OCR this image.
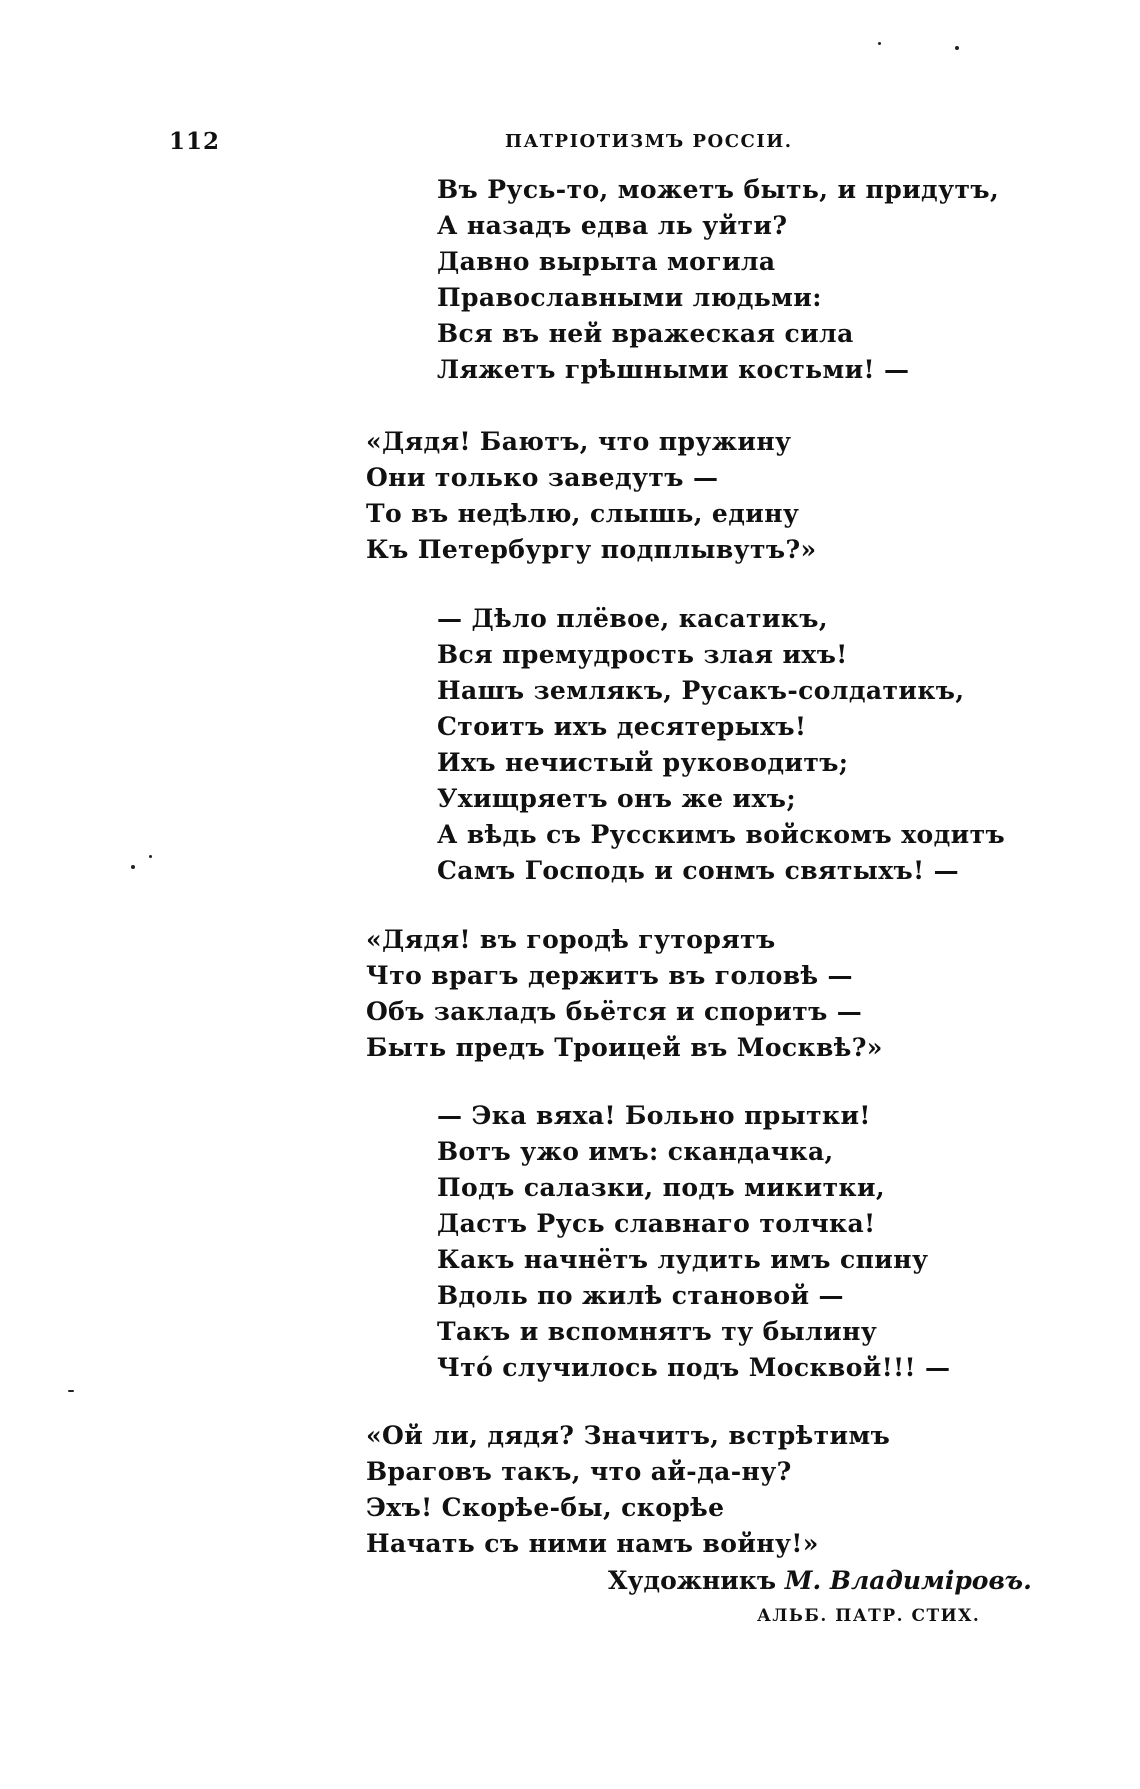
112	ПАТРІОТИЗМЪ РОССІИ.
Въ Русь-то, можетъ быть, и придутъ,
А назадъ едва ль уйти?
Давно вырыта могила
Православными людьми:
Вся въ ней вражеская сила
Ляжетъ грѣшными костьми! —
«Дядя! Баютъ, что пружину
Они только заведутъ —
То въ недѣлю, слышь, едину
Къ Петербургу подплывутъ?»
— Дѣло плёвое, касатикъ,
Вся премудрость злая ихъ!
Нашъ землякъ, Русакъ-солдатикъ,
Стоитъ ихъ десятерыхъ!
Ихъ нечистый руководитъ;
Ухищряетъ онъ же ихъ;
А вѣдь съ Русскимъ войскомъ ходитъ
Самъ Господь и сонмъ святыхъ! —
«Дядя! въ городѣ гуторятъ
Что врагъ держитъ въ головѣ —
Объ закладъ бьётся и споритъ —
Быть предъ Троицей въ Москвѣ?»
— Эка вяха! Больно прытки!
Вотъ ужо имъ: скандачка,
Подъ салазки, подъ микитки,
Дастъ Русь славнаго толчка!
Какъ начнётъ лудить имъ спину
Вдоль по жилѣ становой —
Такъ и вспомнятъ ту былину
Чтó случилось подъ Москвой!!! —
«Ой ли, дядя? Значитъ, встрѣтимъ
Враговъ такъ, что ай-да-ну?
Эхъ! Скорѣе-бы, скорѣе
Начать съ ними намъ войну!»
Художникъ М. Владиміровъ.
АЛЬБ. ПАТР. СТИХ.
